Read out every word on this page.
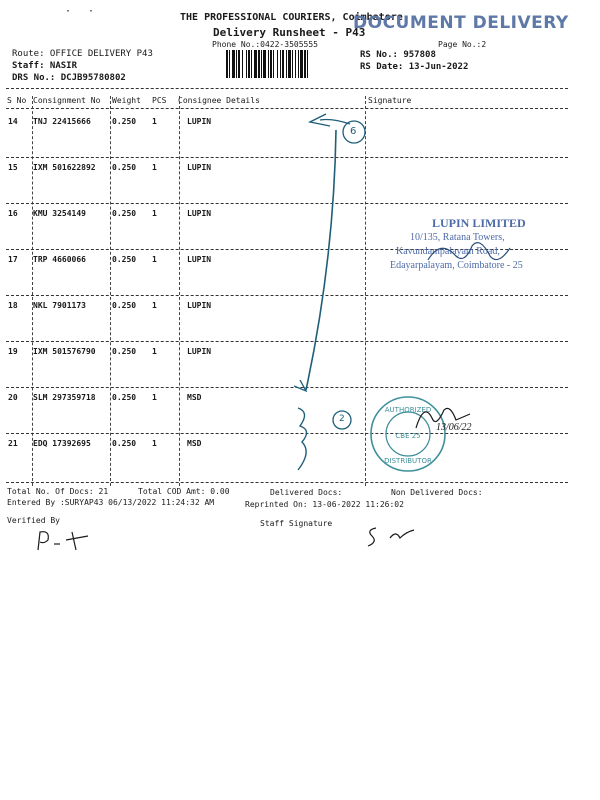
· ·
THE PROFESSIONAL COURIERS, Coimbatore
Delivery Runsheet - P43
DOCUMENT DELIVERY
Phone No.:0422-3505555	Page No.:2
Route: OFFICE DELIVERY P43
Staff: NASIR
DRS No.: DCJB95780802
RS No.: 957808
RS Date: 13-Jun-2022
S No Consignment No Weight PCS Consignee Details	Signature
14 TNJ 22415666	0.250 1	LUPIN
15 IXM 501622892 0.250 1	LUPIN
16 KMU 3254149	0.250 1	LUPIN
17 TRP 4660066	0.250 1	LUPIN
18 NKL 7901173	0.250 1	LUPIN
19 IXM 501576790 0.250 1	LUPIN
20 SLM 297359718 0.250 1	MSD
21 EDQ 17392695	0.250 1	MSD
6
2
LUPIN LIMITED
10/135, Ratana Towers,
Kavundampalayam Road,
Edayarpalayam, Coimbatore - 25
AUTHORIZED
CBE 25
DISTRIBUTOR
13/06/22
Total No. Of Docs: 21	Total COD Amt: 0.00	Delivered Docs:	Non Delivered Docs:
Entered By :SURYAP43 06/13/2022 11:24:32 AM	Reprinted On: 13-06-2022 11:26:02
Verified By	Staff Signature
